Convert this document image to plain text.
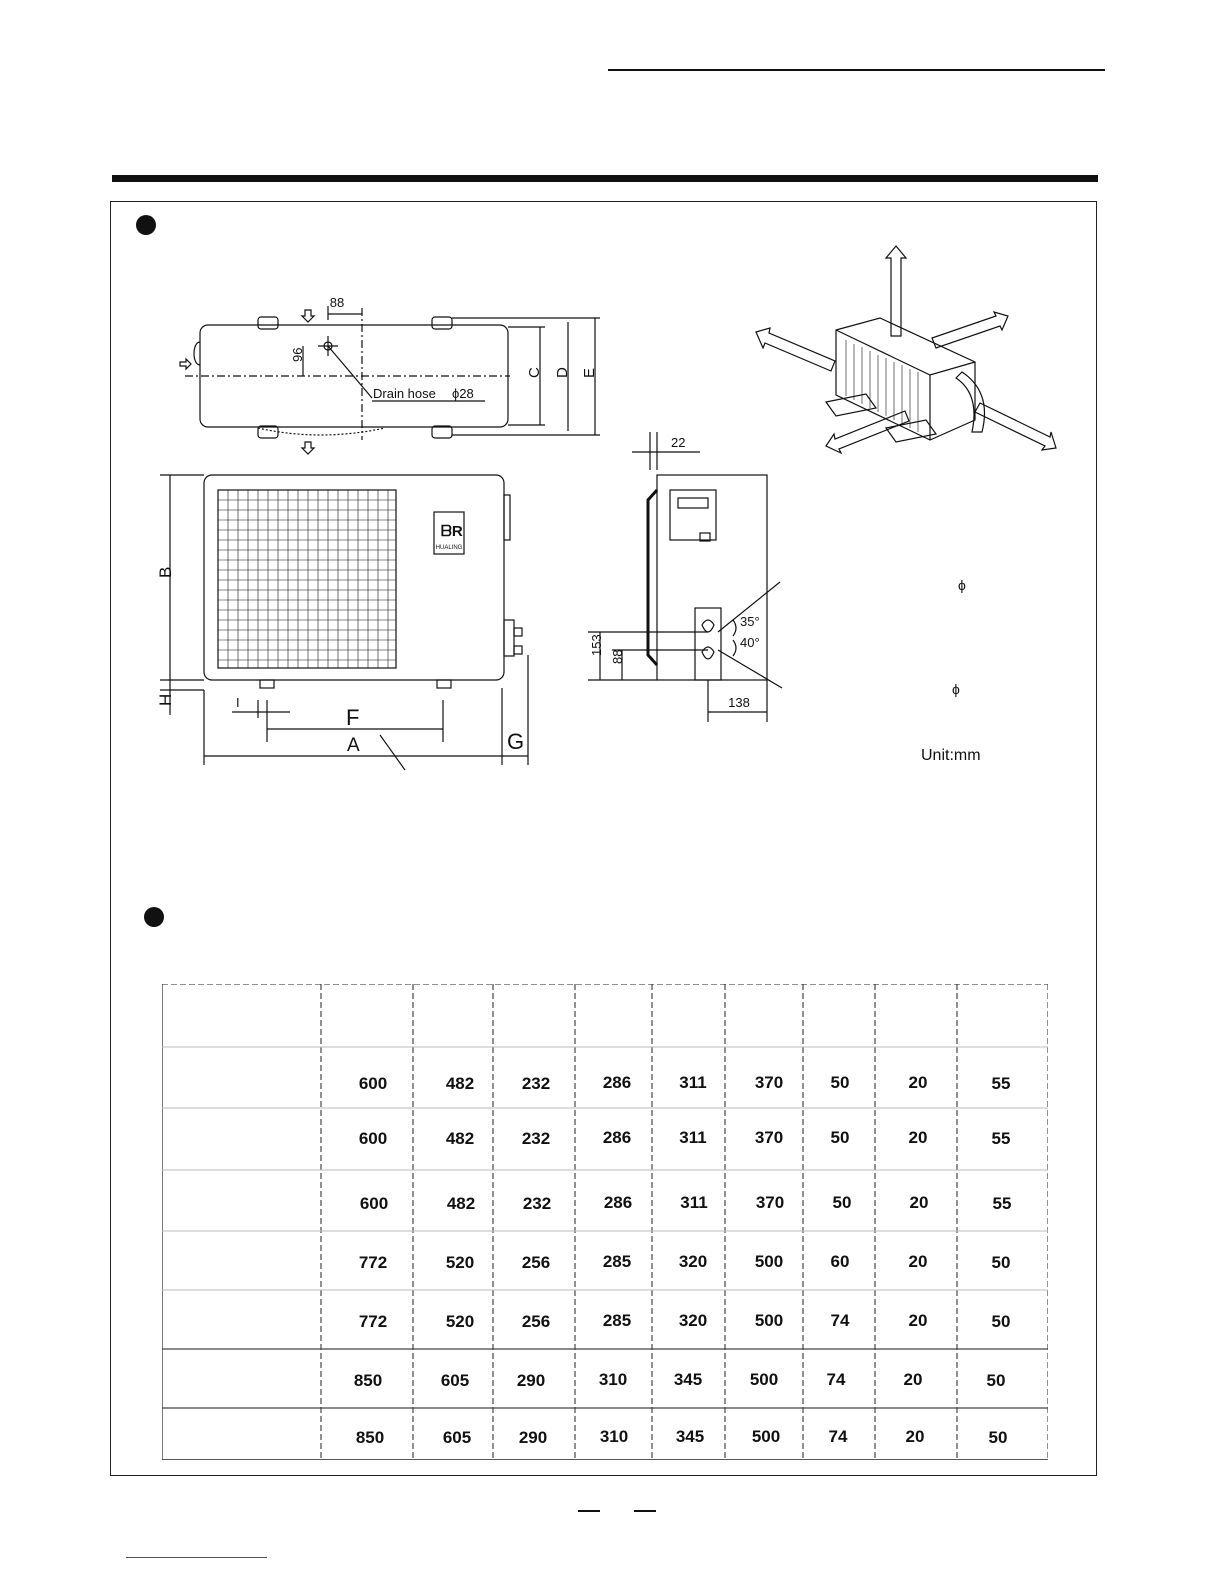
88
96
Drain hose ϕ28
C D E
ᗷR
HUALING
B
H	I
F
A	G
22
153
88
138
35°
40°
ϕ
ϕ
Unit:mm
600	482	232	286	311	370	50	20	55
600	482	232	286	311	370	50	20	55
600	482	232	286	311	370	50	20	55
772	520	256	285	320	500	60	20	50
772	520	256	285	320	500	74	20	50
850	605	290	310	345	500	74	20	50
850	605	290	310	345	500	74	20	50
